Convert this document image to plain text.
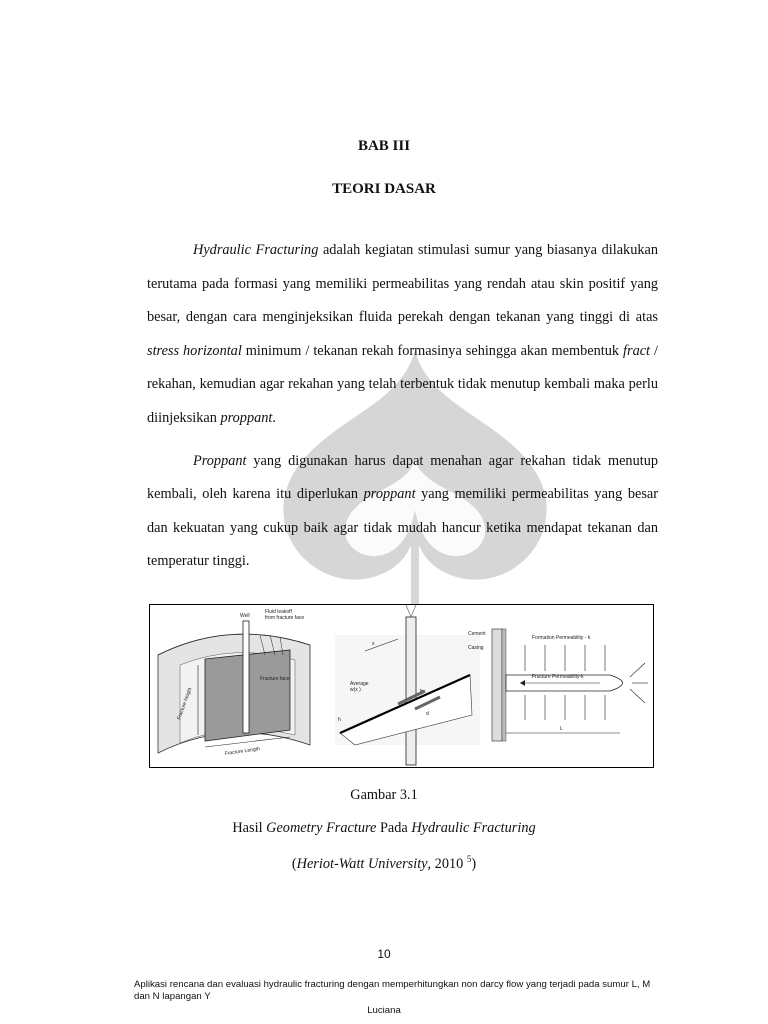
BAB III
TEORI DASAR

Hydraulic Fracturing adalah kegiatan stimulasi sumur yang biasanya dilakukan terutama pada formasi yang memiliki permeabilitas yang rendah atau skin positif yang besar, dengan cara menginjeksikan fluida perekah dengan tekanan yang tinggi di atas stress horizontal minimum / tekanan rekah formasinya sehingga akan membentuk fract / rekahan, kemudian agar rekahan yang telah terbentuk tidak menutup kembali maka perlu diinjeksikan proppant.

Proppant yang digunakan harus dapat menahan agar rekahan tidak menutup kembali, oleh karena itu diperlukan proppant yang memiliki permeabilitas yang besar dan kekuatan yang cukup baik agar tidak mudah hancur ketika mendapat tekanan dan temperatur tinggi.

Well
Fluid leakoff
from fracture face
Fracture face
Fracture height
Fracture Length
x
Average
w(x )
h
d
Cement
Casing
Formation Permeability - k
Fracture Permeability-k
L

Gambar 3.1

Hasil Geometry Fracture Pada Hydraulic Fracturing

(Heriot-Watt University, 2010 $^5$)

10

Aplikasi rencana dan evaluasi hydraulic fracturing dengan memperhitungkan non darcy flow yang terjadi pada sumur L, M dan N lapangan Y

Luciana
